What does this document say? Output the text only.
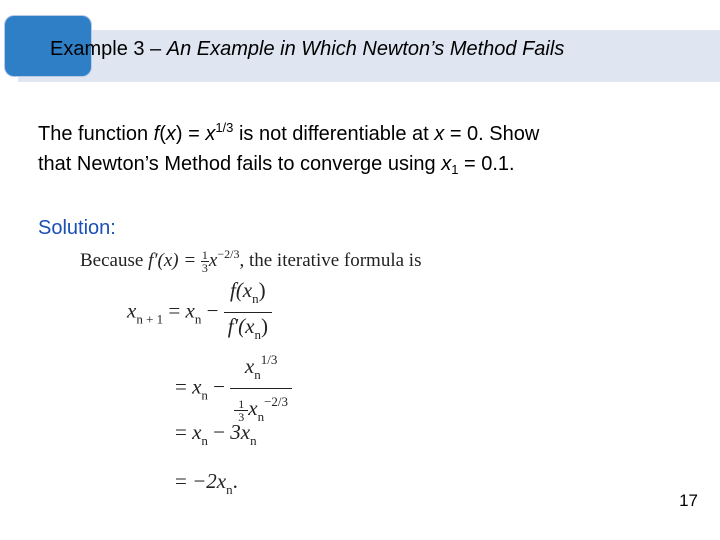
Example 3 – An Example in Which Newton’s Method Fails
The function $f(x) = x^{1/3}$ is not differentiable at x = 0. Show
that Newton’s Method fails to converge using $x_1 = 0.1$.
Solution:
Because $f'(x) = \frac{1}{3}x^{-2/3}$, the iterative formula is
$x_{n + 1} = x_n - \frac{f(x_n)}{f'(x_n)}$
= $x_n - \frac{x_n^{1/3}}{\frac{1}{3} x_n^{-2/3}}$
= $x_n - 3x_n$
= $-2x_n$.
17
